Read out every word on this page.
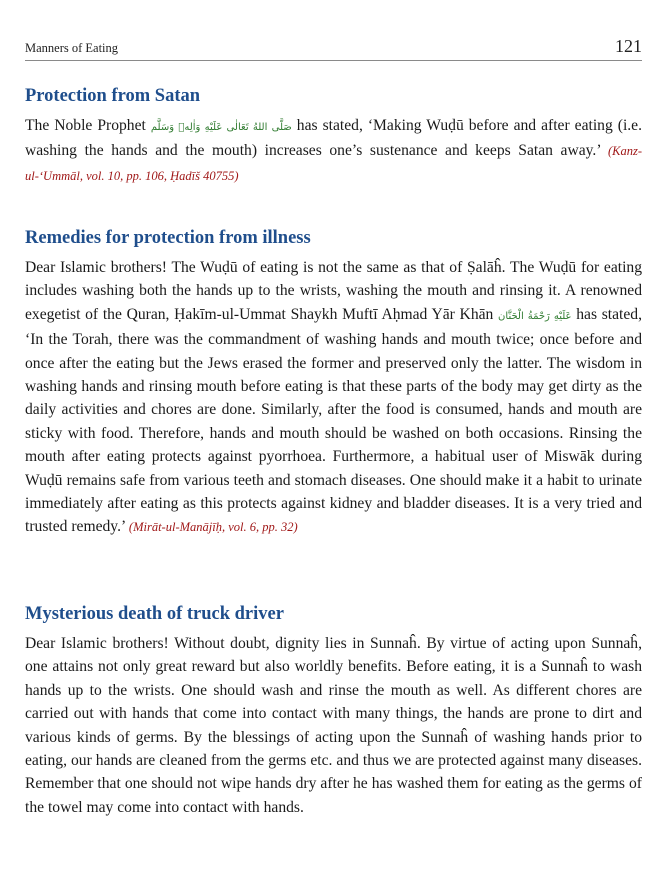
Manners of Eating	121
Protection from Satan

The Noble Prophet صَلَّى اللهُ تَعَالٰى عَلَيْهِ وَاٰلِهٖ وَسَلَّم has stated, ‘Making Wuḍū before and after eating (i.e. washing the hands and the mouth) increases one’s sustenance and keeps Satan away.’ (Kanz-ul-‘Ummāl, vol. 10, pp. 106, Ḥadīš 40755)

Remedies for protection from illness

Dear Islamic brothers! The Wuḍū of eating is not the same as that of Ṣalāĥ. The Wuḍū for eating includes washing both the hands up to the wrists, washing the mouth and rinsing it. A renowned exegetist of the Quran, Ḥakīm-ul-Ummat Shaykh Muftī Aḥmad Yār Khān عَلَيْهِ رَحْمَةُ الْحَنَّان has stated, ‘In the Torah, there was the commandment of washing hands and mouth twice; once before and once after the eating but the Jews erased the former and preserved only the latter. The wisdom in washing hands and rinsing mouth before eating is that these parts of the body may get dirty as the daily activities and chores are done. Similarly, after the food is consumed, hands and mouth are sticky with food. Therefore, hands and mouth should be washed on both occasions. Rinsing the mouth after eating protects against pyorrhoea. Furthermore, a habitual user of Miswāk during Wuḍū remains safe from various teeth and stomach diseases. One should make it a habit to urinate immediately after eating as this protects against kidney and bladder diseases. It is a very tried and trusted remedy.’ (Mirāt-ul-Manājīḥ, vol. 6, pp. 32)

Mysterious death of truck driver

Dear Islamic brothers! Without doubt, dignity lies in Sunnaĥ. By virtue of acting upon Sunnaĥ, one attains not only great reward but also worldly benefits. Before eating, it is a Sunnaĥ to wash hands up to the wrists. One should wash and rinse the mouth as well. As different chores are carried out with hands that come into contact with many things, the hands are prone to dirt and various kinds of germs. By the blessings of acting upon the Sunnaĥ of washing hands prior to eating, our hands are cleaned from the germs etc. and thus we are protected against many diseases. Remember that one should not wipe hands dry after he has washed them for eating as the germs of the towel may come into contact with hands.
